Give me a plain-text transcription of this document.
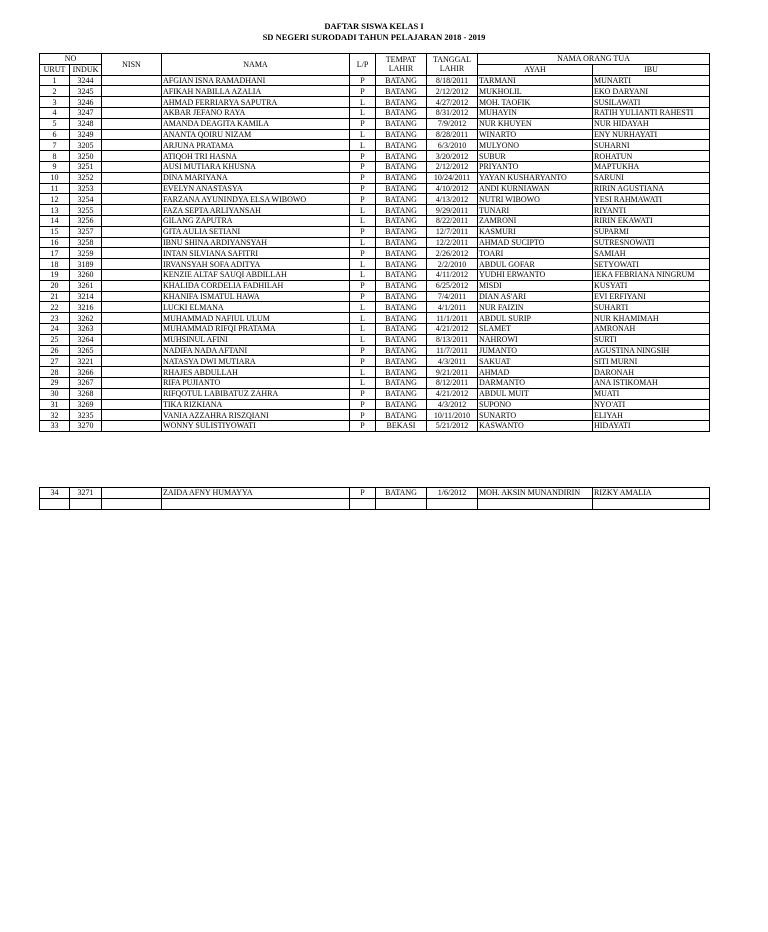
DAFTAR SISWA KELAS I
SD NEGERI SURODADI TAHUN PELAJARAN 2018 - 2019
NO		NISN	NAMA	L/P	TEMPAT LAHIR	TANGGAL LAHIR	NAMA ORANG TUA	
URUT	INDUK						AYAH	IBU
1	3244		AFGIAN ISNA RAMADHANI	P	BATANG	8/18/2011	TARMANI	MUNARTI
2	3245		AFIKAH NABILLA AZALIA	P	BATANG	2/12/2012	MUKHOLIL	EKO DARYANI
3	3246		AHMAD FERRIARYA SAPUTRA	L	BATANG	4/27/2012	MOH. TAOFIK	SUSILAWATI
4	3247		AKBAR JEFANO RAYA	L	BATANG	8/31/2012	MUHAYIN	RATIH YULIANTI RAHESTI
5	3248		AMANDA DEAGITA KAMILA	P	BATANG	7/9/2012	NUR KHUYEN	NUR HIDAYAH
6	3249		ANANTA QOIRU NIZAM	L	BATANG	8/28/2011	WINARTO	ENY NURHAYATI
7	3205		ARJUNA PRATAMA	L	BATANG	6/3/2010	MULYONO	SUHARNI
8	3250		ATIQOH TRI HASNA	P	BATANG	3/20/2012	SUBUR	ROHATUN
9	3251		AUSI MUTIARA KHUSNA	P	BATANG	2/12/2012	PRIYANTO	MAPTUKHA
10	3252		DINA MARIYANA	P	BATANG	10/24/2011	YAYAN KUSHARYANTO	SARUNI
11	3253		EVELYN ANASTASYA	P	BATANG	4/10/2012	ANDI KURNIAWAN	RIRIN AGUSTIANA
12	3254		FARZANA AYUNINDYA ELSA WIBOWO	P	BATANG	4/13/2012	NUTRI WIBOWO	YESI RAHMAWATI
13	3255		FAZA SEPTA ARLIYANSAH	L	BATANG	9/29/2011	TUNARI	RIYANTI
14	3256		GILANG ZAPUTRA	L	BATANG	8/22/2011	ZAMRONI	RIRIN EKAWATI
15	3257		GITA AULIA SETIANI	P	BATANG	12/7/2011	KASMURI	SUPARMI
16	3258		IBNU SHINA ARDIYANSYAH	L	BATANG	12/2/2011	AHMAD SUCIPTO	SUTRESNOWATI
17	3259		INTAN SILVIANA SAFITRI	P	BATANG	2/26/2012	TOARI	SAMIAH
18	3189		IRVANSYAH SOFA ADITYA	L	BATANG	2/2/2010	ABDUL GOFAR	SETYOWATI
19	3260		KENZIE ALTAF SAUQI ABDILLAH	L	BATANG	4/11/2012	YUDHI ERWANTO	IEKA FEBRIANA NINGRUM
20	3261		KHALIDA CORDELIA FADHILAH	P	BATANG	6/25/2012	MISDI	KUSYATI
21	3214		KHANIFA ISMATUL HAWA	P	BATANG	7/4/2011	DIAN AS'ARI	EVI ERFIYANI
22	3216		LUCKI ELMANA	L	BATANG	4/1/2011	NUR FAIZIN	SUHARTI
23	3262		MUHAMMAD NAFIUL ULUM	L	BATANG	11/1/2011	ABDUL SURIP	NUR KHAMIMAH
24	3263		MUHAMMAD RIFQI PRATAMA	L	BATANG	4/21/2012	SLAMET	AMRONAH
25	3264		MUHSINUL AFINI	L	BATANG	8/13/2011	NAHROWI	SURTI
26	3265		NADIFA NADA AFTANI	P	BATANG	11/7/2011	JUMANTO	AGUSTINA NINGSIH
27	3221		NATASYA DWI MUTIARA	P	BATANG	4/3/2011	SAKUAT	SITI MURNI
28	3266		RHAJES ABDULLAH	L	BATANG	9/21/2011	AHMAD	DARONAH
29	3267		RIFA PUJIANTO	L	BATANG	8/12/2011	DARMANTO	ANA ISTIKOMAH
30	3268		RIFQOTUL LABIBATUZ ZAHRA	P	BATANG	4/21/2012	ABDUL MUIT	MUATI
31	3269		TIKA RIZKIANA	P	BATANG	4/3/2012	SUPONO	NYO'ATI
32	3235		VANIA AZZAHRA RISZQIANI	P	BATANG	10/11/2010	SUNARTO	ELIYAH
33	3270		WONNY SULISTIYOWATI	P	BEKASI	5/21/2012	KASWANTO	HIDAYATI
34	3271		ZAIDA AFNY HUMAYYA	P	BATANG	1/6/2012	MOH. AKSIN MUNANDIRIN	RIZKY AMALIA
